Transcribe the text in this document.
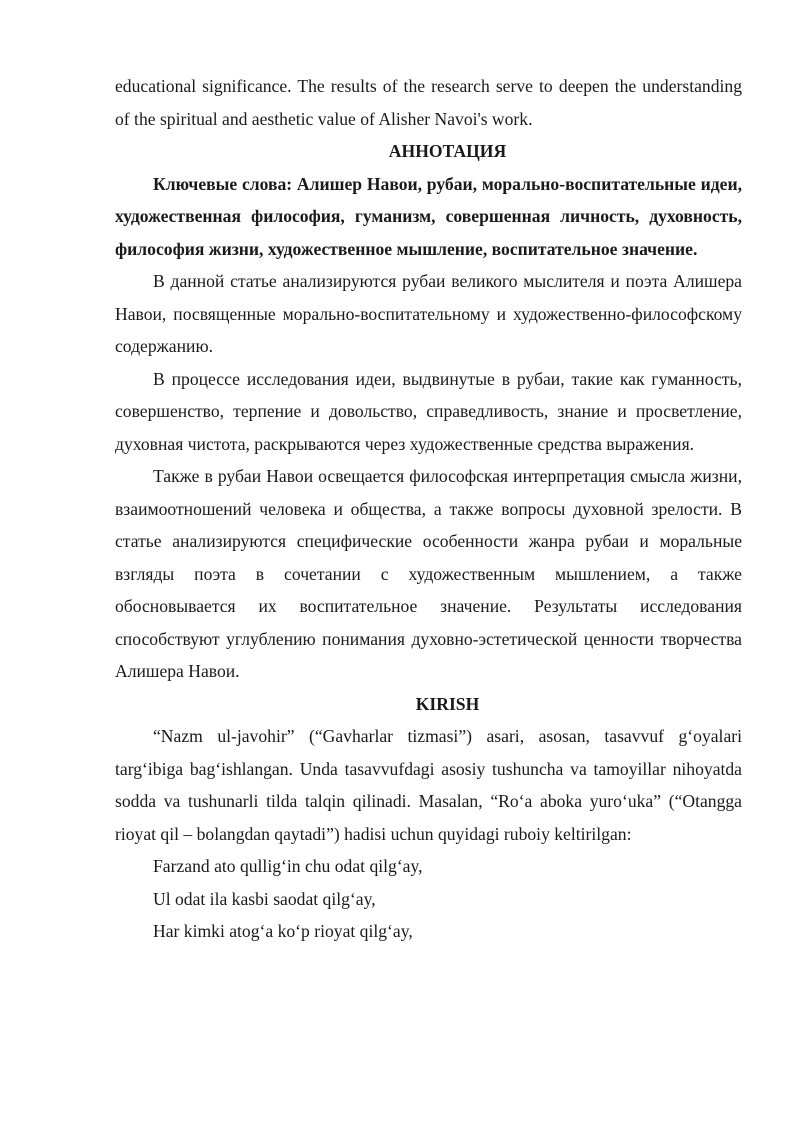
educational significance. The results of the research serve to deepen the understanding of the spiritual and aesthetic value of Alisher Navoi's work.

АННОТАЦИЯ

Ключевые слова: Алишер Навои, рубаи, морально-воспитательные идеи, художественная философия, гуманизм, совершенная личность, духовность, философия жизни, художественное мышление, воспитательное значение.

В данной статье анализируются рубаи великого мыслителя и поэта Алишера Навои, посвященные морально-воспитательному и художественно-философскому содержанию.

В процессе исследования идеи, выдвинутые в рубаи, такие как гуманность, совершенство, терпение и довольство, справедливость, знание и просветление, духовная чистота, раскрываются через художественные средства выражения.

Также в рубаи Навои освещается философская интерпретация смысла жизни, взаимоотношений человека и общества, а также вопросы духовной зрелости. В статье анализируются специфические особенности жанра рубаи и моральные взгляды поэта в сочетании с художественным мышлением, а также обосновывается их воспитательное значение. Результаты исследования способствуют углублению понимания духовно-эстетической ценности творчества Алишера Навои.

KIRISH

“Nazm ul-javohir” (“Gavharlar tizmasi”) asari, asosan, tasavvuf g‘oyalari targ‘ibiga bag‘ishlangan. Unda tasavvufdagi asosiy tushuncha va tamoyillar nihoyatda sodda va tushunarli tilda talqin qilinadi. Masalan, “Ro‘a aboka yuro‘uka” (“Otangga rioyat qil – bolangdan qaytadi”) hadisi uchun quyidagi ruboiy keltirilgan:

Farzand ato qullig‘in chu odat qilg‘ay,

Ul odat ila kasbi saodat qilg‘ay,

Har kimki atog‘a ko‘p rioyat qilg‘ay,
